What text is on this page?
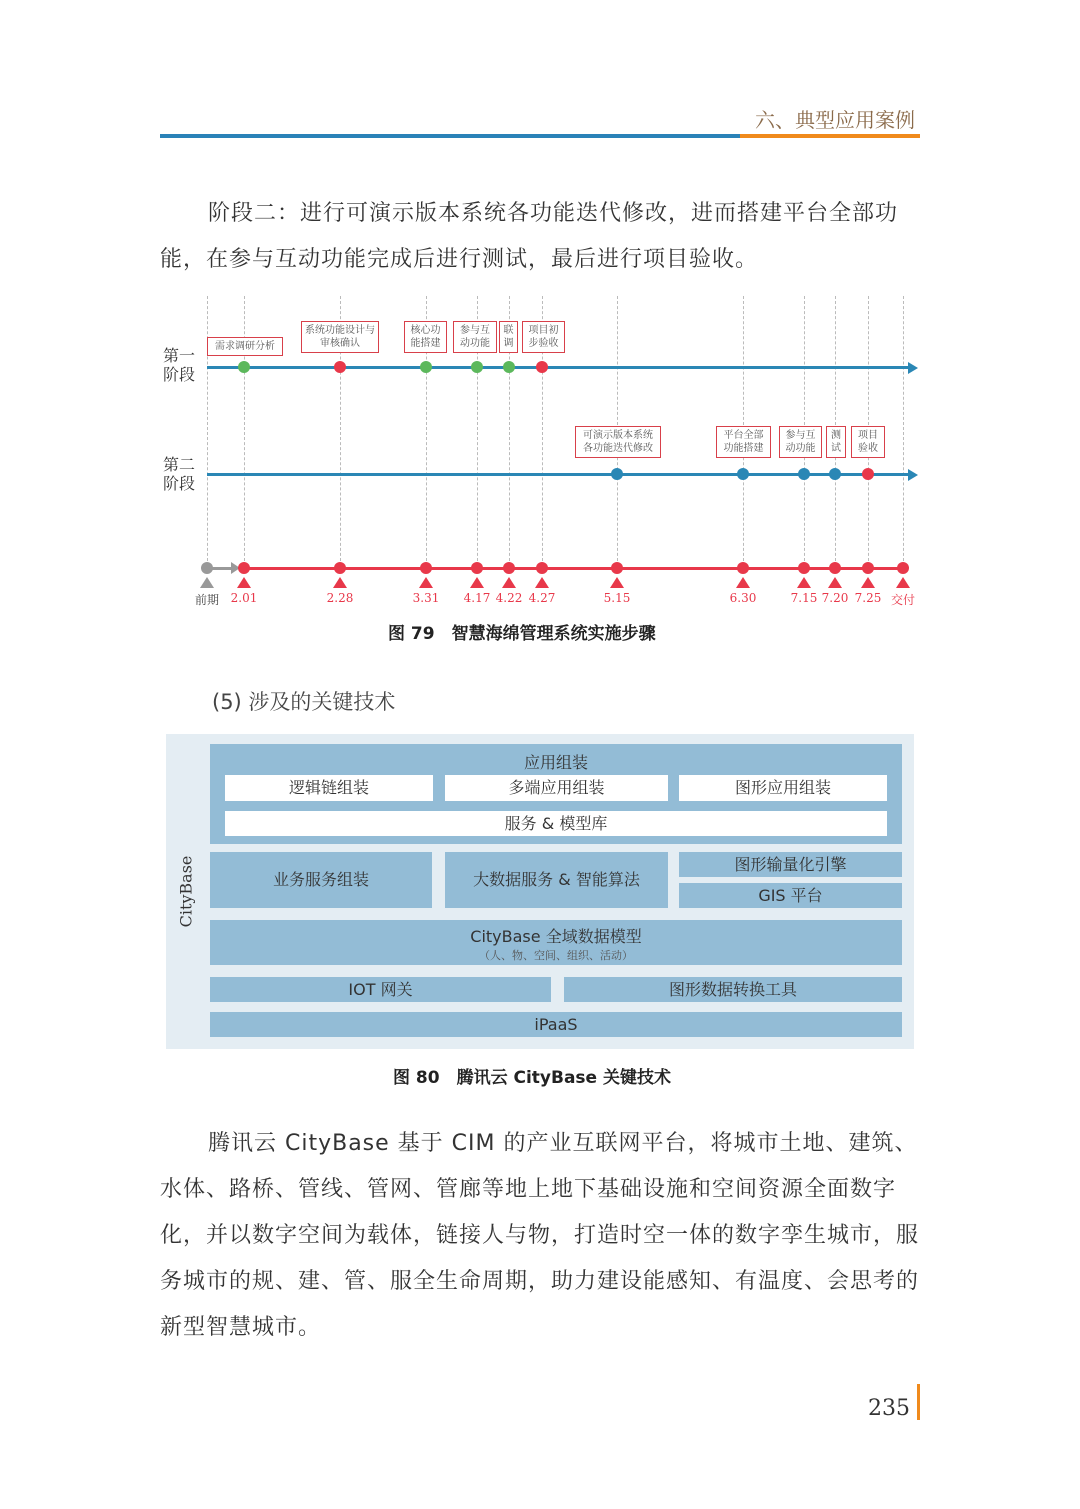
六、典型应用案例
阶段二：进行可演示版本系统各功能迭代修改，进而搭建平台全部功能，在参与互动功能完成后进行测试，最后进行项目验收。
第一阶段
第二阶段
前期 2.01	2.28	3.31 4.17 4.22 4.27	5.15	6.30	7.15 7.20 7.25 交付
需求调研分析
系统功能设计与审核确认
核心功能搭建
参与互动功能
联调
项目初步验收
可演示版本系统各功能迭代修改
平台全部功能搭建
参与互动功能
测试
项目验收
图 79　智慧海绵管理系统实施步骤
(5) 涉及的关键技术
CityBase
应用组装
逻辑链组装	多端应用组装	图形应用组装
服务 & 模型库
业务服务组装	大数据服务 & 智能算法
图形输量化引擎
GIS 平台
CityBase 全域数据模型
（人、物、空间、组织、活动）
IOT 网关	图形数据转换工具
iPaaS
图 80　腾讯云 CityBase 关键技术
腾讯云 CityBase 基于 CIM 的产业互联网平台，将城市土地、建筑、水体、路桥、管线、管网、管廊等地上地下基础设施和空间资源全面数字化，并以数字空间为载体，链接人与物，打造时空一体的数字孪生城市，服务城市的规、建、管、服全生命周期，助力建设能感知、有温度、会思考的新型智慧城市。
235
